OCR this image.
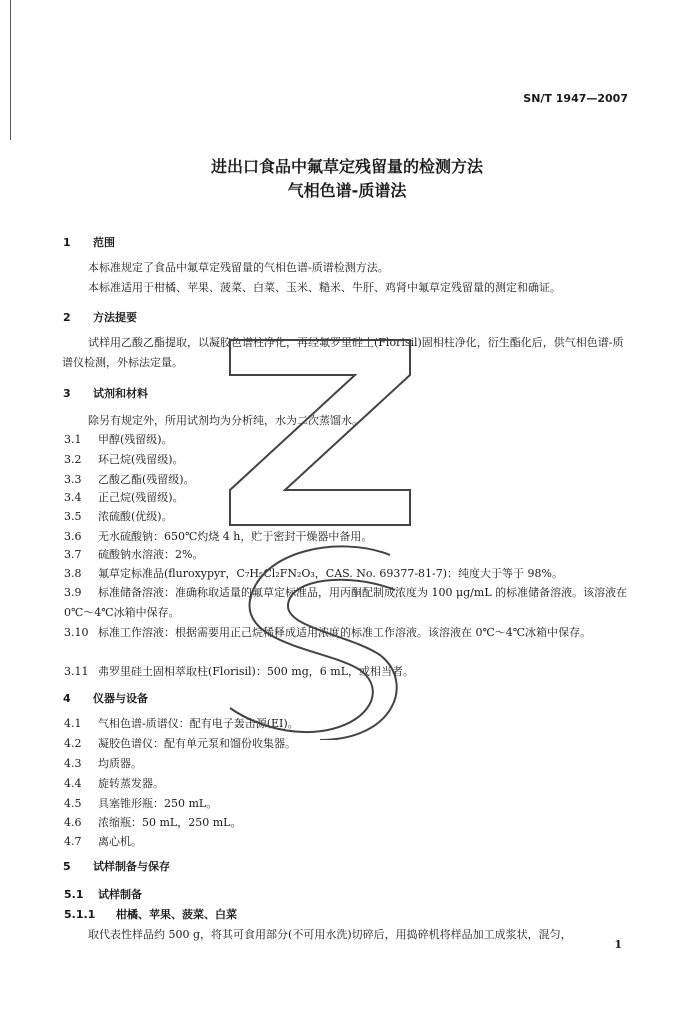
SN/T 1947—2007
进出口食品中氟草定残留量的检测方法
气相色谱-质谱法
1 范围
本标准规定了食品中氟草定残留量的气相色谱-质谱检测方法。
本标准适用于柑橘、苹果、菠菜、白菜、玉米、糙米、牛肝、鸡肾中氟草定残留量的测定和确证。
2 方法提要
试样用乙酸乙酯提取，以凝胶色谱柱净化，再经氟罗里硅土(Florisil)固相柱净化，衍生酯化后，供气相色谱-质谱仪检测，外标法定量。
3 试剂和材料
除另有规定外，所用试剂均为分析纯，水为二次蒸馏水。
3.1 甲醇(残留级)。
3.2 环己烷(残留级)。
3.3 乙酸乙酯(残留级)。
3.4 正己烷(残留级)。
3.5 浓硫酸(优级)。
3.6 无水硫酸钠：650℃灼烧 4 h，贮于密封干燥器中备用。
3.7 硫酸钠水溶液：2%。
3.8 氟草定标准品(fluroxypyr，C₇H₅Cl₂FN₂O₃，CAS. No. 69377-81-7)：纯度大于等于 98%。
3.9 标准储备溶液：准确称取适量的氟草定标准品，用丙酮配制成浓度为 100 μg/mL 的标准储备溶液。该溶液在 0℃～4℃冰箱中保存。
3.10 标准工作溶液：根据需要用正己烷稀释成适用浓度的标准工作溶液。该溶液在 0℃～4℃冰箱中保存。
3.11 弗罗里硅土固相萃取柱(Florisil)：500 mg，6 mL，或相当者。
4 仪器与设备
4.1 气相色谱-质谱仪：配有电子轰击源(EI)。
4.2 凝胶色谱仪：配有单元泵和馏份收集器。
4.3 均质器。
4.4 旋转蒸发器。
4.5 具塞锥形瓶：250 mL。
4.6 浓缩瓶：50 mL，250 mL。
4.7 离心机。
5 试样制备与保存
5.1 试样制备
5.1.1 柑橘、苹果、菠菜、白菜
取代表性样品约 500 g，将其可食用部分(不可用水洗)切碎后，用捣碎机将样品加工成浆状，混匀，
1
